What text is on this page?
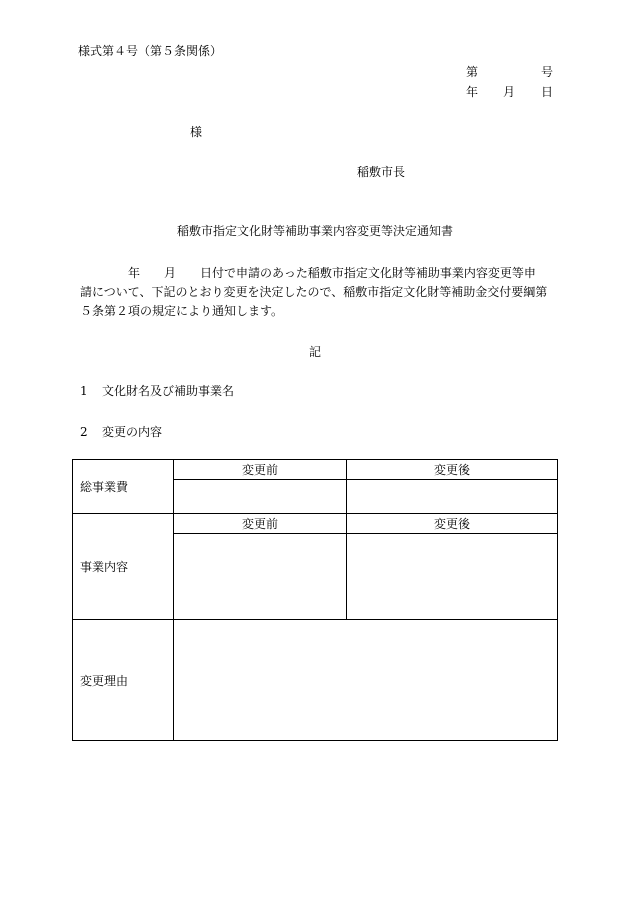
様式第４号（第５条関係）
第	号
年 月 日
様
稲敷市長
稲敷市指定文化財等補助事業内容変更等決定通知書
　　　　年　　月　　日付で申請のあった稲敷市指定文化財等補助事業内容変更等申
請について、下記のとおり変更を決定したので、稲敷市指定文化財等補助金交付要綱第
５条第２項の規定により通知します。
記
1 文化財名及び補助事業名
2 変更の内容
総事業費	変更前	変更後

事業内容	変更前	変更後

変更理由		
